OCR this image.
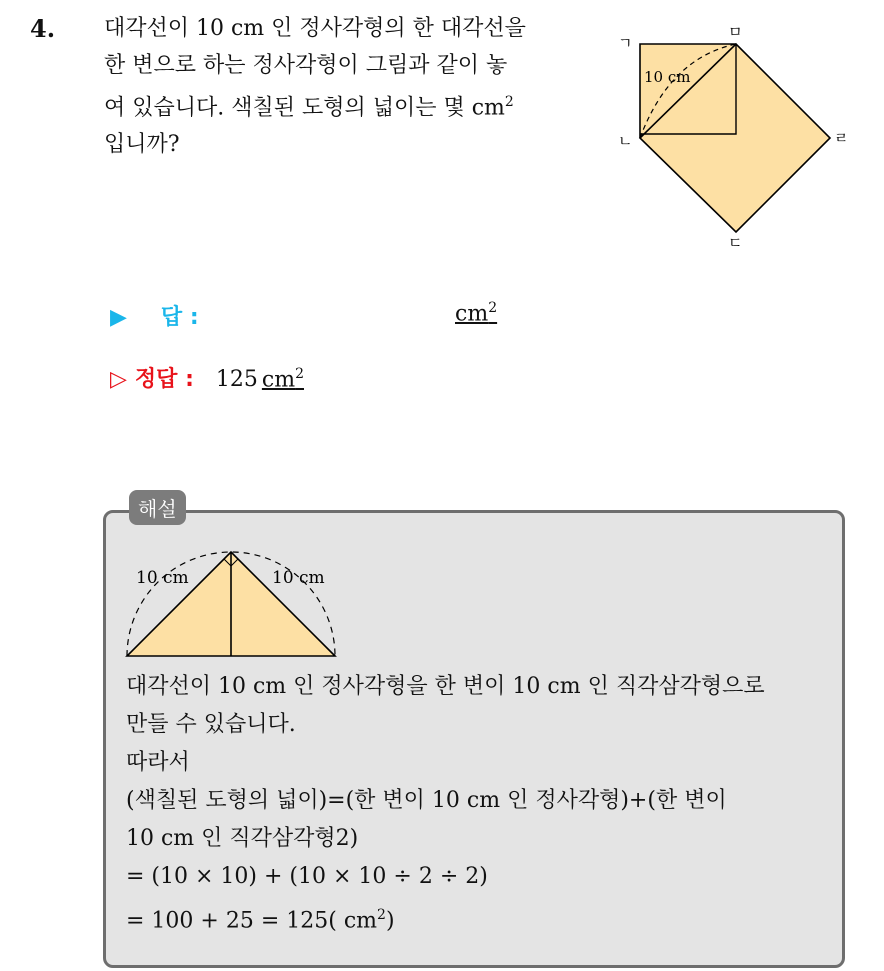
4. 대각선이 10 cm 인 정사각형의 한 대각선을
한 변으로 하는 정사각형이 그림과 같이 놓
여 있습니다. 색칠된 도형의 넓이는 몇 $cm^2$
입니까?
10 cm
ㄱ
ㅁ
ㄴ	ㄹ
ㄷ
▶ 답 :	$cm^2$
▷ 정답 : 125 $cm^2$
해설
10 cm	10 cm
대각선이 10 cm 인 정사각형을 한 변이 10 cm 인 직각삼각형으로
만들 수 있습니다.
따라서
(색칠된 도형의 넓이)=(한 변이 10 cm 인 정사각형)+(한 변이
10 cm 인 직각삼각형2)
= (10 × 10) + (10 × 10 ÷ 2 ÷ 2)
= 100 + 25 = 125( $cm^2$)
